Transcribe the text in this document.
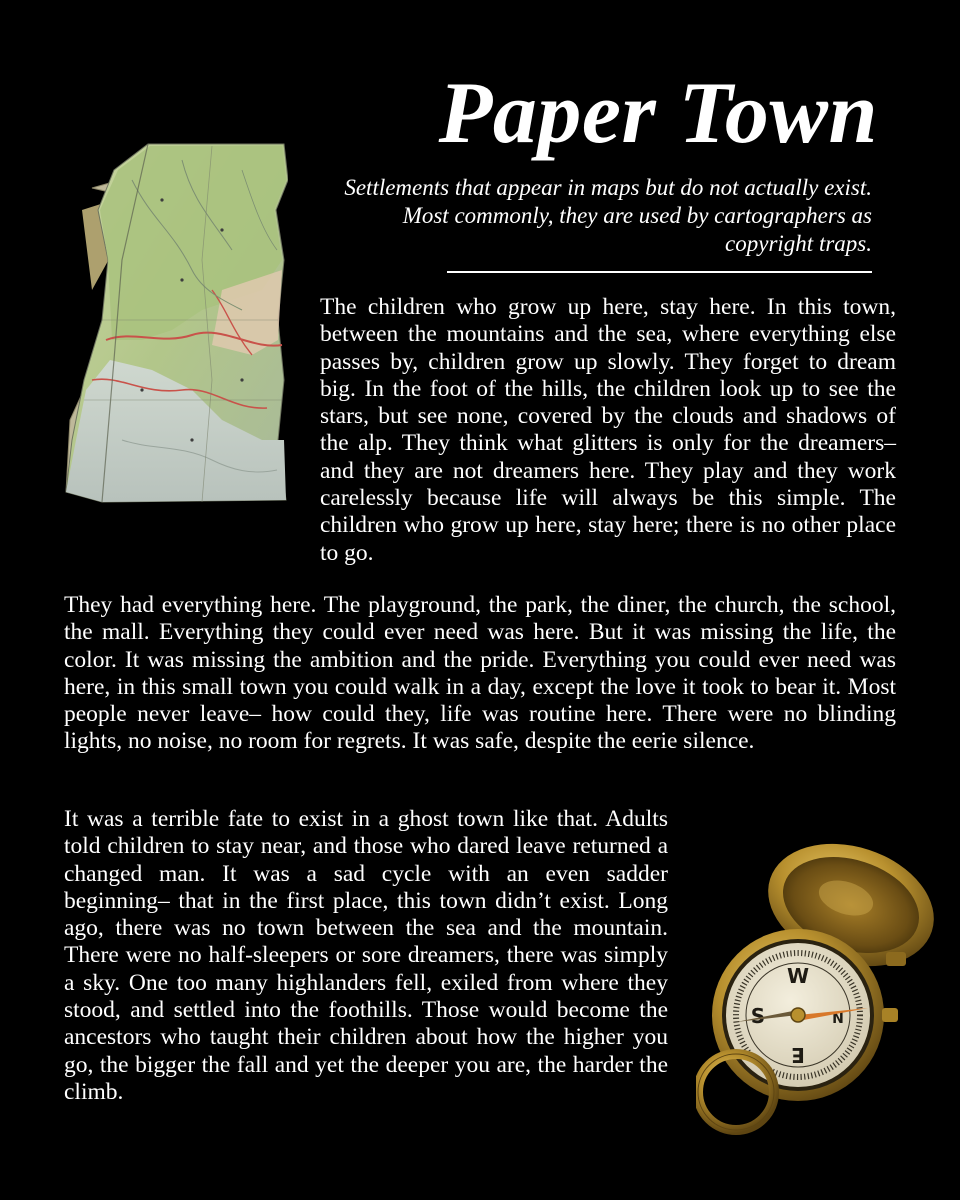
Paper Town
Settlements that appear in maps but do not actually exist. Most commonly, they are used by cartographers as copyright traps.

The children who grow up here, stay here. In this town, between the mountains and the sea, where everything else passes by, children grow up slowly. They forget to dream big. In the foot of the hills, the children look up to see the stars, but see none, covered by the clouds and shadows of the alp. They think what glitters is only for the dreamers– and they are not dreamers here. They play and they work carelessly because life will always be this simple. The children who grow up here, stay here; there is no other place to go.

They had everything here. The playground, the park, the diner, the church, the school, the mall. Everything they could ever need was here. But it was missing the life, the color. It was missing the ambition and the pride. Everything you could ever need was here, in this small town you could walk in a day, except the love it took to bear it. Most people never leave– how could they, life was routine here. There were no blinding lights, no noise, no room for regrets. It was safe, despite the eerie silence.

It was a terrible fate to exist in a ghost town like that. Adults told children to stay near, and those who dared leave returned a changed man. It was a sad cycle with an even sadder beginning– that in the first place, this town didn’t exist. Long ago, there was no town between the sea and the mountain. There were no half-sleepers or sore dreamers, there was simply a sky. One too many highlanders fell, exiled from where they stood, and settled into the foothills. Those would become the ancestors who taught their children about how the higher you go, the bigger the fall and yet the deeper you are, the harder the climb.

W
E
S	N
